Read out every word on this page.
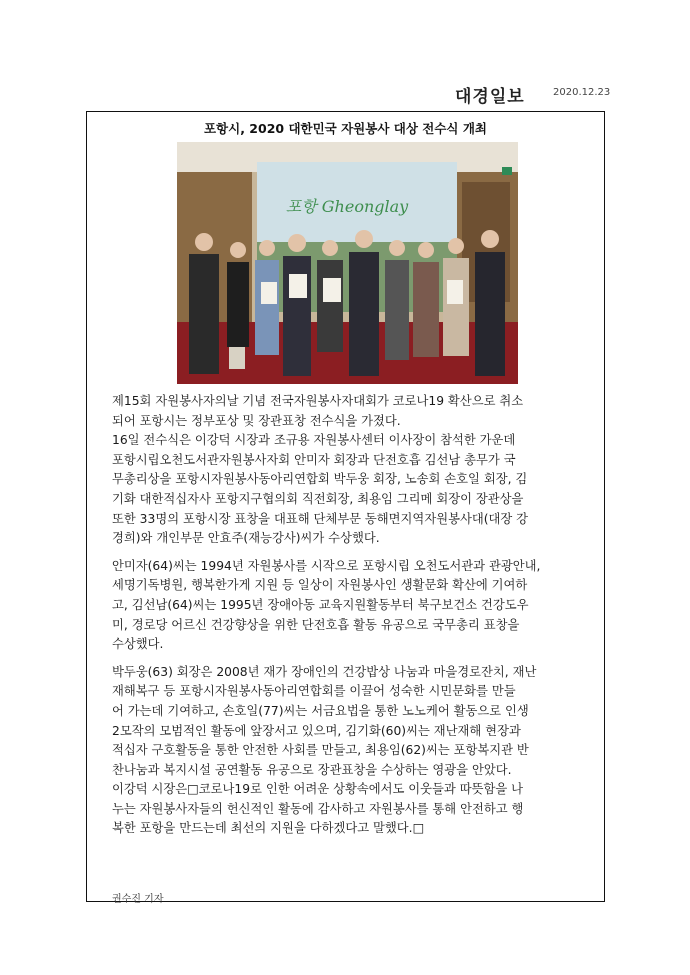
대경일보	2020.12.23
포항시, 2020 대한민국 자원봉사 대상 전수식 개최
포항 Gheonglay

제15회 자원봉사자의날 기념 전국자원봉사자대회가 코로나19 확산으로 취소

되어 포항시는 정부포상 및 장관표창 전수식을 가졌다.

16일 전수식은 이강덕 시장과 조규용 자원봉사센터 이사장이 참석한 가운데

포항시립오천도서관자원봉사자회 안미자 회장과 단전호흡 김선남 총무가 국

무총리상을 포항시자원봉사동아리연합회 박두웅 회장, 노송회 손호일 회장, 김

기화 대한적십자사 포항지구협의회 직전회장, 최용임 그리메 회장이 장관상을

또한 33명의 포항시장 표창을 대표해 단체부문 동해면지역자원봉사대(대장 강

경희)와 개인부문 안효주(재능강사)씨가 수상했다.

안미자(64)씨는 1994년 자원봉사를 시작으로 포항시립 오천도서관과 관광안내,

세명기독병원, 행복한가게 지원 등 일상이 자원봉사인 생활문화 확산에 기여하

고, 김선남(64)씨는 1995년 장애아동 교육지원활동부터 북구보건소 건강도우

미, 경로당 어르신 건강향상을 위한 단전호흡 활동 유공으로 국무총리 표창을

수상했다.

박두웅(63) 회장은 2008년 재가 장애인의 건강밥상 나눔과 마을경로잔치, 재난

재해복구 등 포항시자원봉사동아리연합회를 이끌어 성숙한 시민문화를 만들

어 가는데 기여하고, 손호일(77)씨는 서금요법을 통한 노노케어 활동으로 인생

2모작의 모범적인 활동에 앞장서고 있으며, 김기화(60)씨는 재난재해 현장과

적십자 구호활동을 통한 안전한 사회를 만들고, 최용임(62)씨는 포항복지관 반

찬나눔과 복지시설 공연활동 유공으로 장관표창을 수상하는 영광을 안았다.

이강덕 시장은□코로나19로 인한 어려운 상황속에서도 이웃들과 따뜻함을 나

누는 자원봉사자들의 헌신적인 활동에 감사하고 자원봉사를 통해 안전하고 행

복한 포항을 만드는데 최선의 지원을 다하겠다고 말했다.□

권수진 기자
